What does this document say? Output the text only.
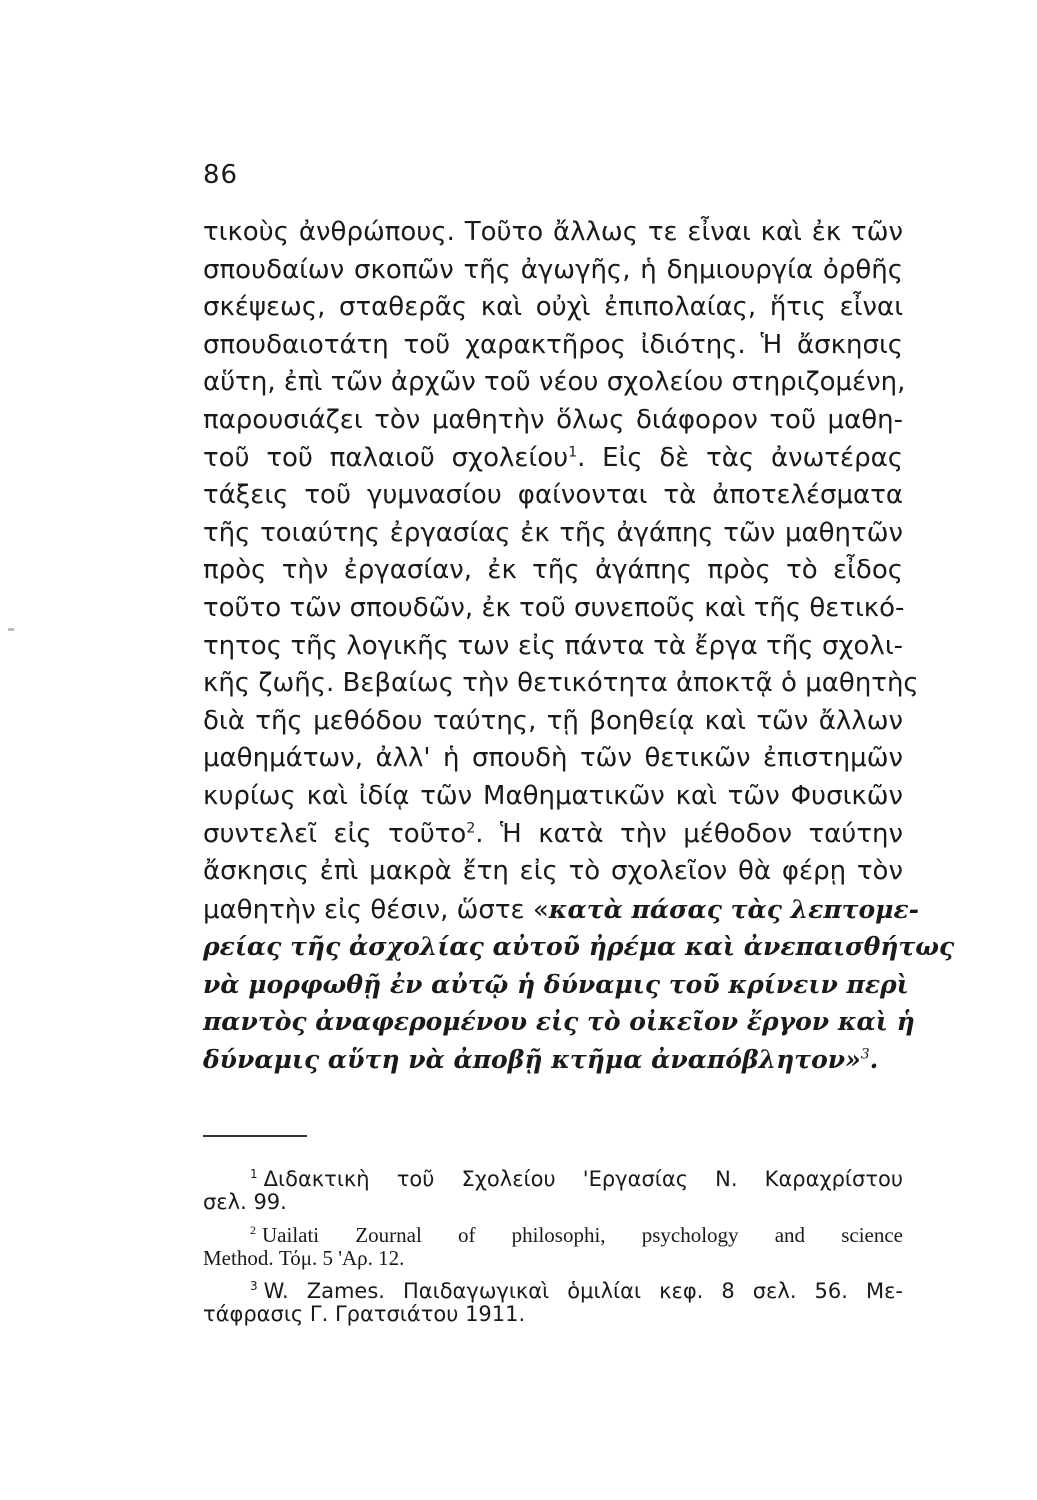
86
τικοὺς ἀνθρώπους. Τοῦτο ἄλλως τε εἶναι καὶ ἐκ τῶν
σπουδαίων σκοπῶν τῆς ἀγωγῆς, ἡ δημιουργία ὀρθῆς
σκέψεως, σταθερᾶς καὶ οὐχὶ ἐπιπολαίας, ἥτις εἶναι
σπουδαιοτάτη τοῦ χαρακτῆρος ἰδιότης. Ἡ ἄσκησις
αὕτη, ἐπὶ τῶν ἀρχῶν τοῦ νέου σχολείου στηριζομένη,
παρουσιάζει τὸν μαθητὴν ὅλως διάφορον τοῦ μαθη-
τοῦ τοῦ παλαιοῦ σχολείου$^1$. Εἰς δὲ τὰς ἀνωτέρας
τάξεις τοῦ γυμνασίου φαίνονται τὰ ἀποτελέσματα
τῆς τοιαύτης ἐργασίας ἐκ τῆς ἀγάπης τῶν μαθητῶν
πρὸς τὴν ἐργασίαν, ἐκ τῆς ἀγάπης πρὸς τὸ εἶδος
τοῦτο τῶν σπουδῶν, ἐκ τοῦ συνεποῦς καὶ τῆς θετικό-
τητος τῆς λογικῆς των εἰς πάντα τὰ ἔργα τῆς σχολι-
κῆς ζωῆς. Βεβαίως τὴν θετικότητα ἀποκτᾷ ὁ μαθητὴς
διὰ τῆς μεθόδου ταύτης, τῇ βοηθείᾳ καὶ τῶν ἄλλων
μαθημάτων, ἀλλ' ἡ σπουδὴ τῶν θετικῶν ἐπιστημῶν
κυρίως καὶ ἰδίᾳ τῶν Μαθηματικῶν καὶ τῶν Φυσικῶν
συντελεῖ εἰς τοῦτο$^2$. Ἡ κατὰ τὴν μέθοδον ταύτην
ἄσκησις ἐπὶ μακρὰ ἔτη εἰς τὸ σχολεῖον θὰ φέρῃ τὸν
μαθητὴν εἰς θέσιν, ὥστε «κατὰ πάσας τὰς λεπτομε-
ρείας τῆς ἀσχολίας αὐτοῦ ἠρέμα καὶ ἀνεπαισθήτως
νὰ μορφωθῇ ἐν αὐτῷ ἡ δύναμις τοῦ κρίνειν περὶ
παντὸς ἀναφερομένου εἰς τὸ οἰκεῖον ἔργον καὶ ἡ
δύναμις αὕτη νὰ ἀποβῇ κτῆμα ἀναπόβλητον»$^3$.
$^1$ Διδακτικὴ τοῦ Σχολείου 'Εργασίας Ν. Καραχρίστου
σελ. 99.
$^2$ Uailati Zournal of philosophi, psychology and science
Method. Τόμ. 5 'Αρ. 12.
$^3$ W. Zames. Παιδαγωγικαὶ ὁμιλίαι κεφ. 8 σελ. 56. Με-
τάφρασις Γ. Γρατσιάτου 1911.
